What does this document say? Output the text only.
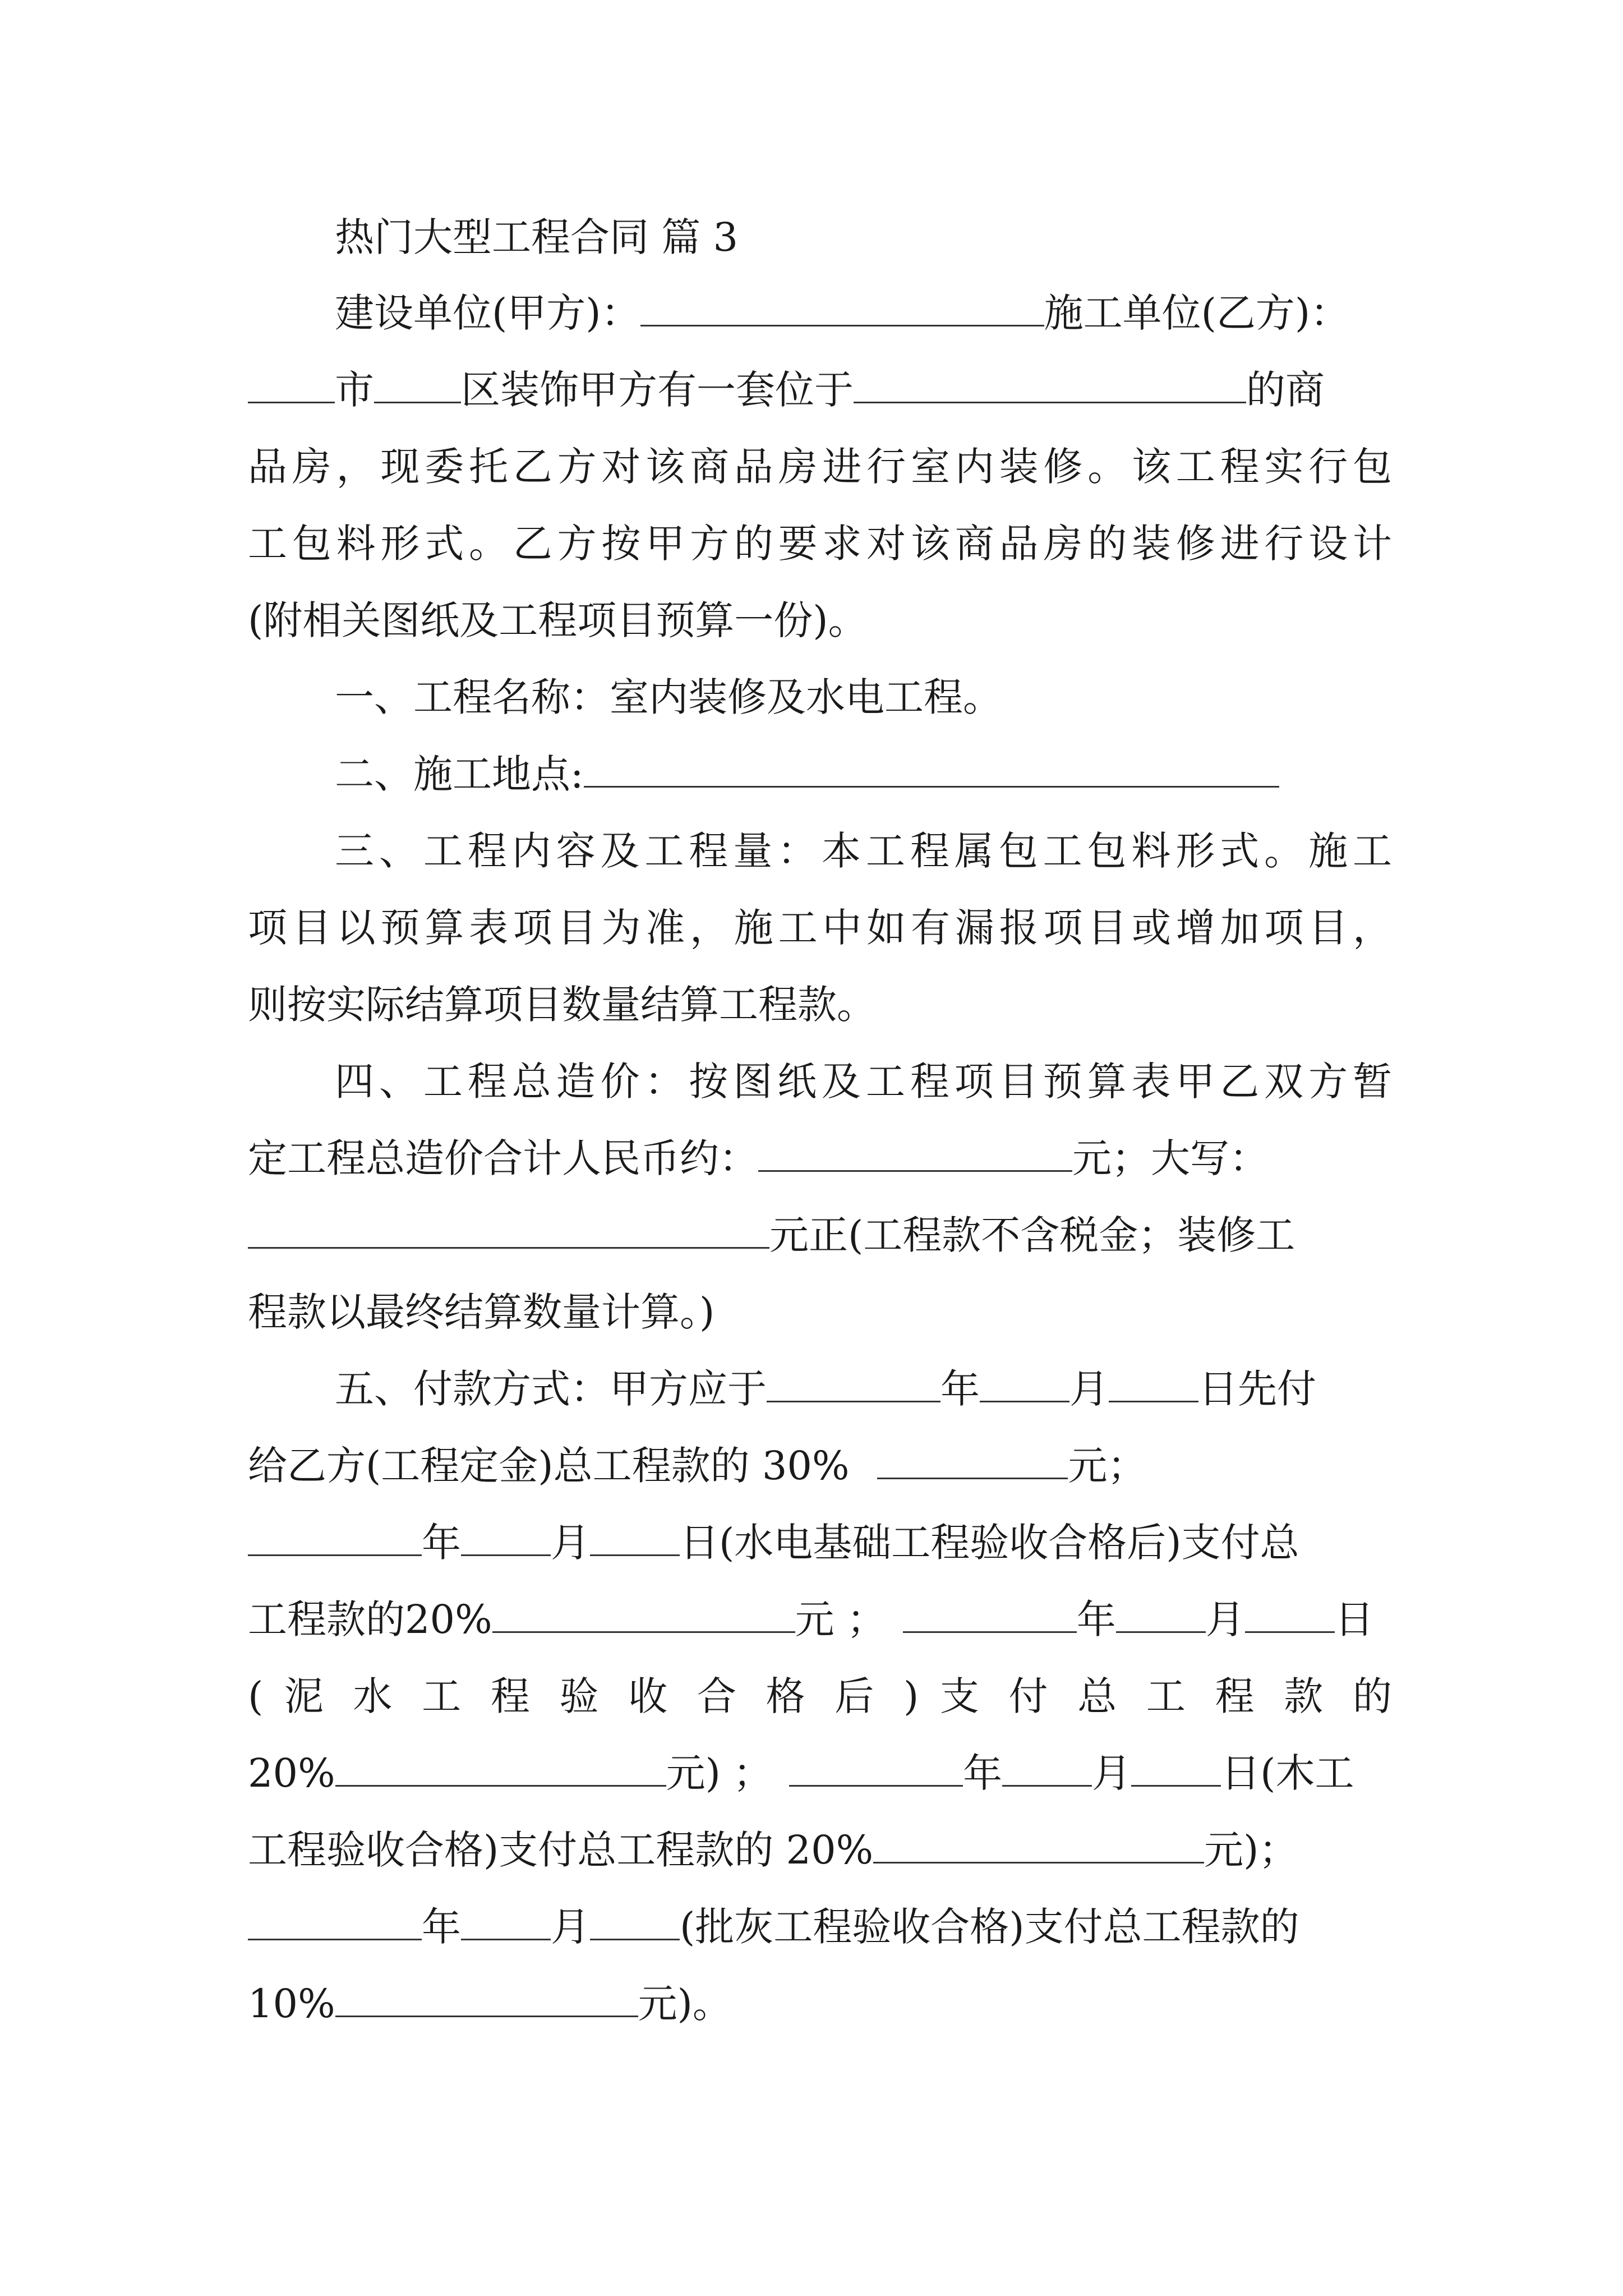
热门大型工程合同 篇 3
建设单位(甲方)：	施工单位(乙方)：
市 区装饰甲方有一套位于	的商
品房，现委托乙方对该商品房进行室内装修。该工程实行包
工包料形式。乙方按甲方的要求对该商品房的装修进行设计
(附相关图纸及工程项目预算一份)。
一、工程名称：室内装修及水电工程。
二、施工地点:
三、工程内容及工程量：本工程属包工包料形式。施工
项目以预算表项目为准，施工中如有漏报项目或增加项目，
则按实际结算项目数量结算工程款。
四、工程总造价：按图纸及工程项目预算表甲乙双方暂
定工程总造价合计人民币约：	元；大写：
元正(工程款不含税金；装修工
程款以最终结算数量计算。)
五、付款方式：甲方应于	年 月 日先付
给乙方(工程定金)总工程款的 30%	元；
年 月 日(水电基础工程验收合格后)支付总
工程款的20%	元 ；	年 月 日
( 泥 水 工 程 验 收 合 格 后 ) 支 付 总 工 程 款 的
20%	元) ；	年 月 日(木工
工程验收合格)支付总工程款的 20%	元)；
年 月 (批灰工程验收合格)支付总工程款的
10%	元)。
